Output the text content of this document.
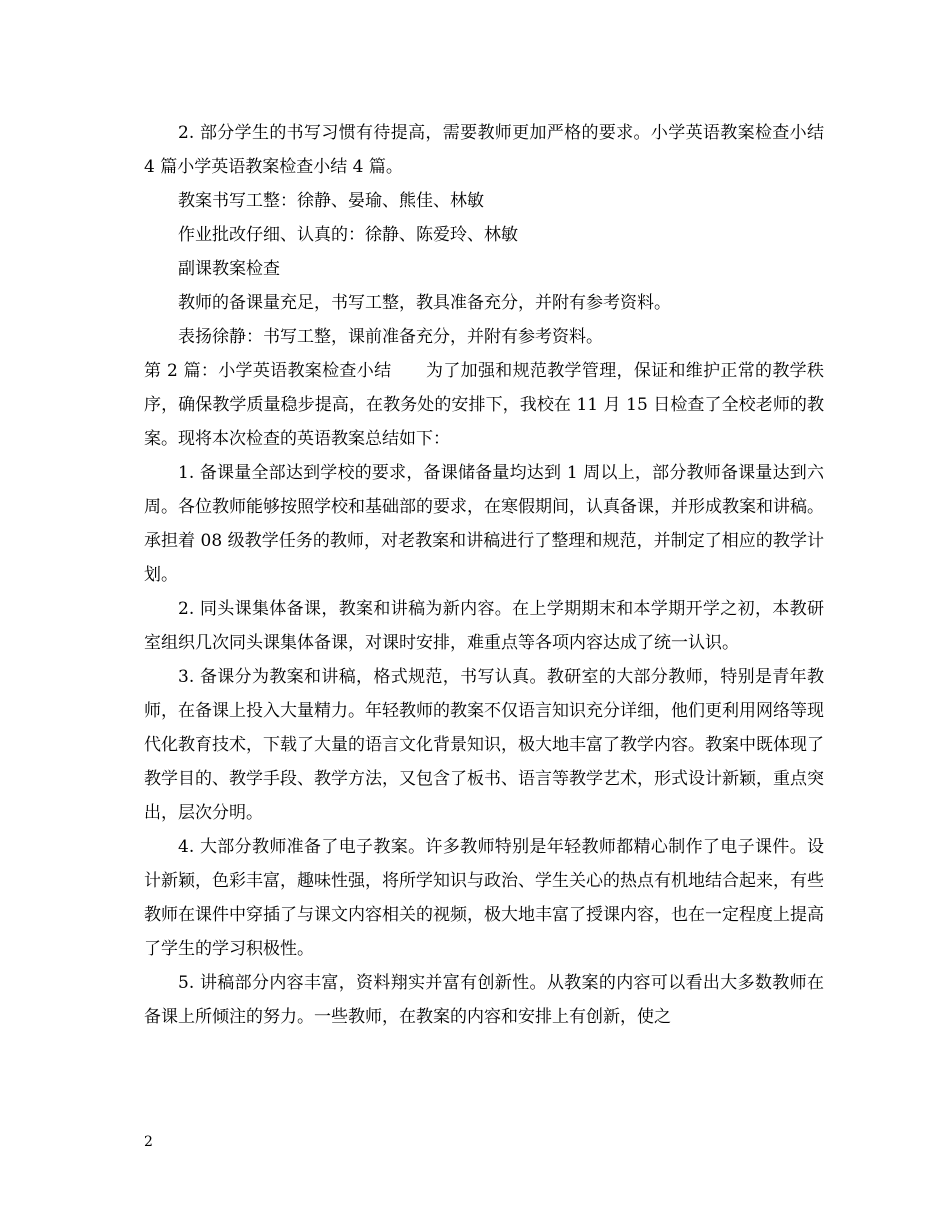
2. 部分学生的书写习惯有待提高，需要教师更加严格的要求。小学英语教案检查小结 4 篇小学英语教案检查小结 4 篇。

教案书写工整：徐静、晏瑜、熊佳、林敏

作业批改仔细、认真的：徐静、陈爱玲、林敏

副课教案检查

教师的备课量充足，书写工整，教具准备充分，并附有参考资料。

表扬徐静：书写工整，课前准备充分，并附有参考资料。

第 2 篇：小学英语教案检查小结　　为了加强和规范教学管理，保证和维护正常的教学秩序，确保教学质量稳步提高，在教务处的安排下，我校在 11 月 15 日检查了全校老师的教案。现将本次检查的英语教案总结如下：

1. 备课量全部达到学校的要求，备课储备量均达到 1 周以上，部分教师备课量达到六周。各位教师能够按照学校和基础部的要求，在寒假期间，认真备课，并形成教案和讲稿。承担着 08 级教学任务的教师，对老教案和讲稿进行了整理和规范，并制定了相应的教学计划。

2. 同头课集体备课，教案和讲稿为新内容。在上学期期末和本学期开学之初，本教研室组织几次同头课集体备课，对课时安排，难重点等各项内容达成了统一认识。

3. 备课分为教案和讲稿，格式规范，书写认真。教研室的大部分教师，特别是青年教师，在备课上投入大量精力。年轻教师的教案不仅语言知识充分详细，他们更利用网络等现代化教育技术，下载了大量的语言文化背景知识，极大地丰富了教学内容。教案中既体现了教学目的、教学手段、教学方法，又包含了板书、语言等教学艺术，形式设计新颖，重点突出，层次分明。

4. 大部分教师准备了电子教案。许多教师特别是年轻教师都精心制作了电子课件。设计新颖，色彩丰富，趣味性强，将所学知识与政治、学生关心的热点有机地结合起来，有些教师在课件中穿插了与课文内容相关的视频，极大地丰富了授课内容，也在一定程度上提高了学生的学习积极性。

5. 讲稿部分内容丰富，资料翔实并富有创新性。从教案的内容可以看出大多数教师在备课上所倾注的努力。一些教师，在教案的内容和安排上有创新，使之

2
